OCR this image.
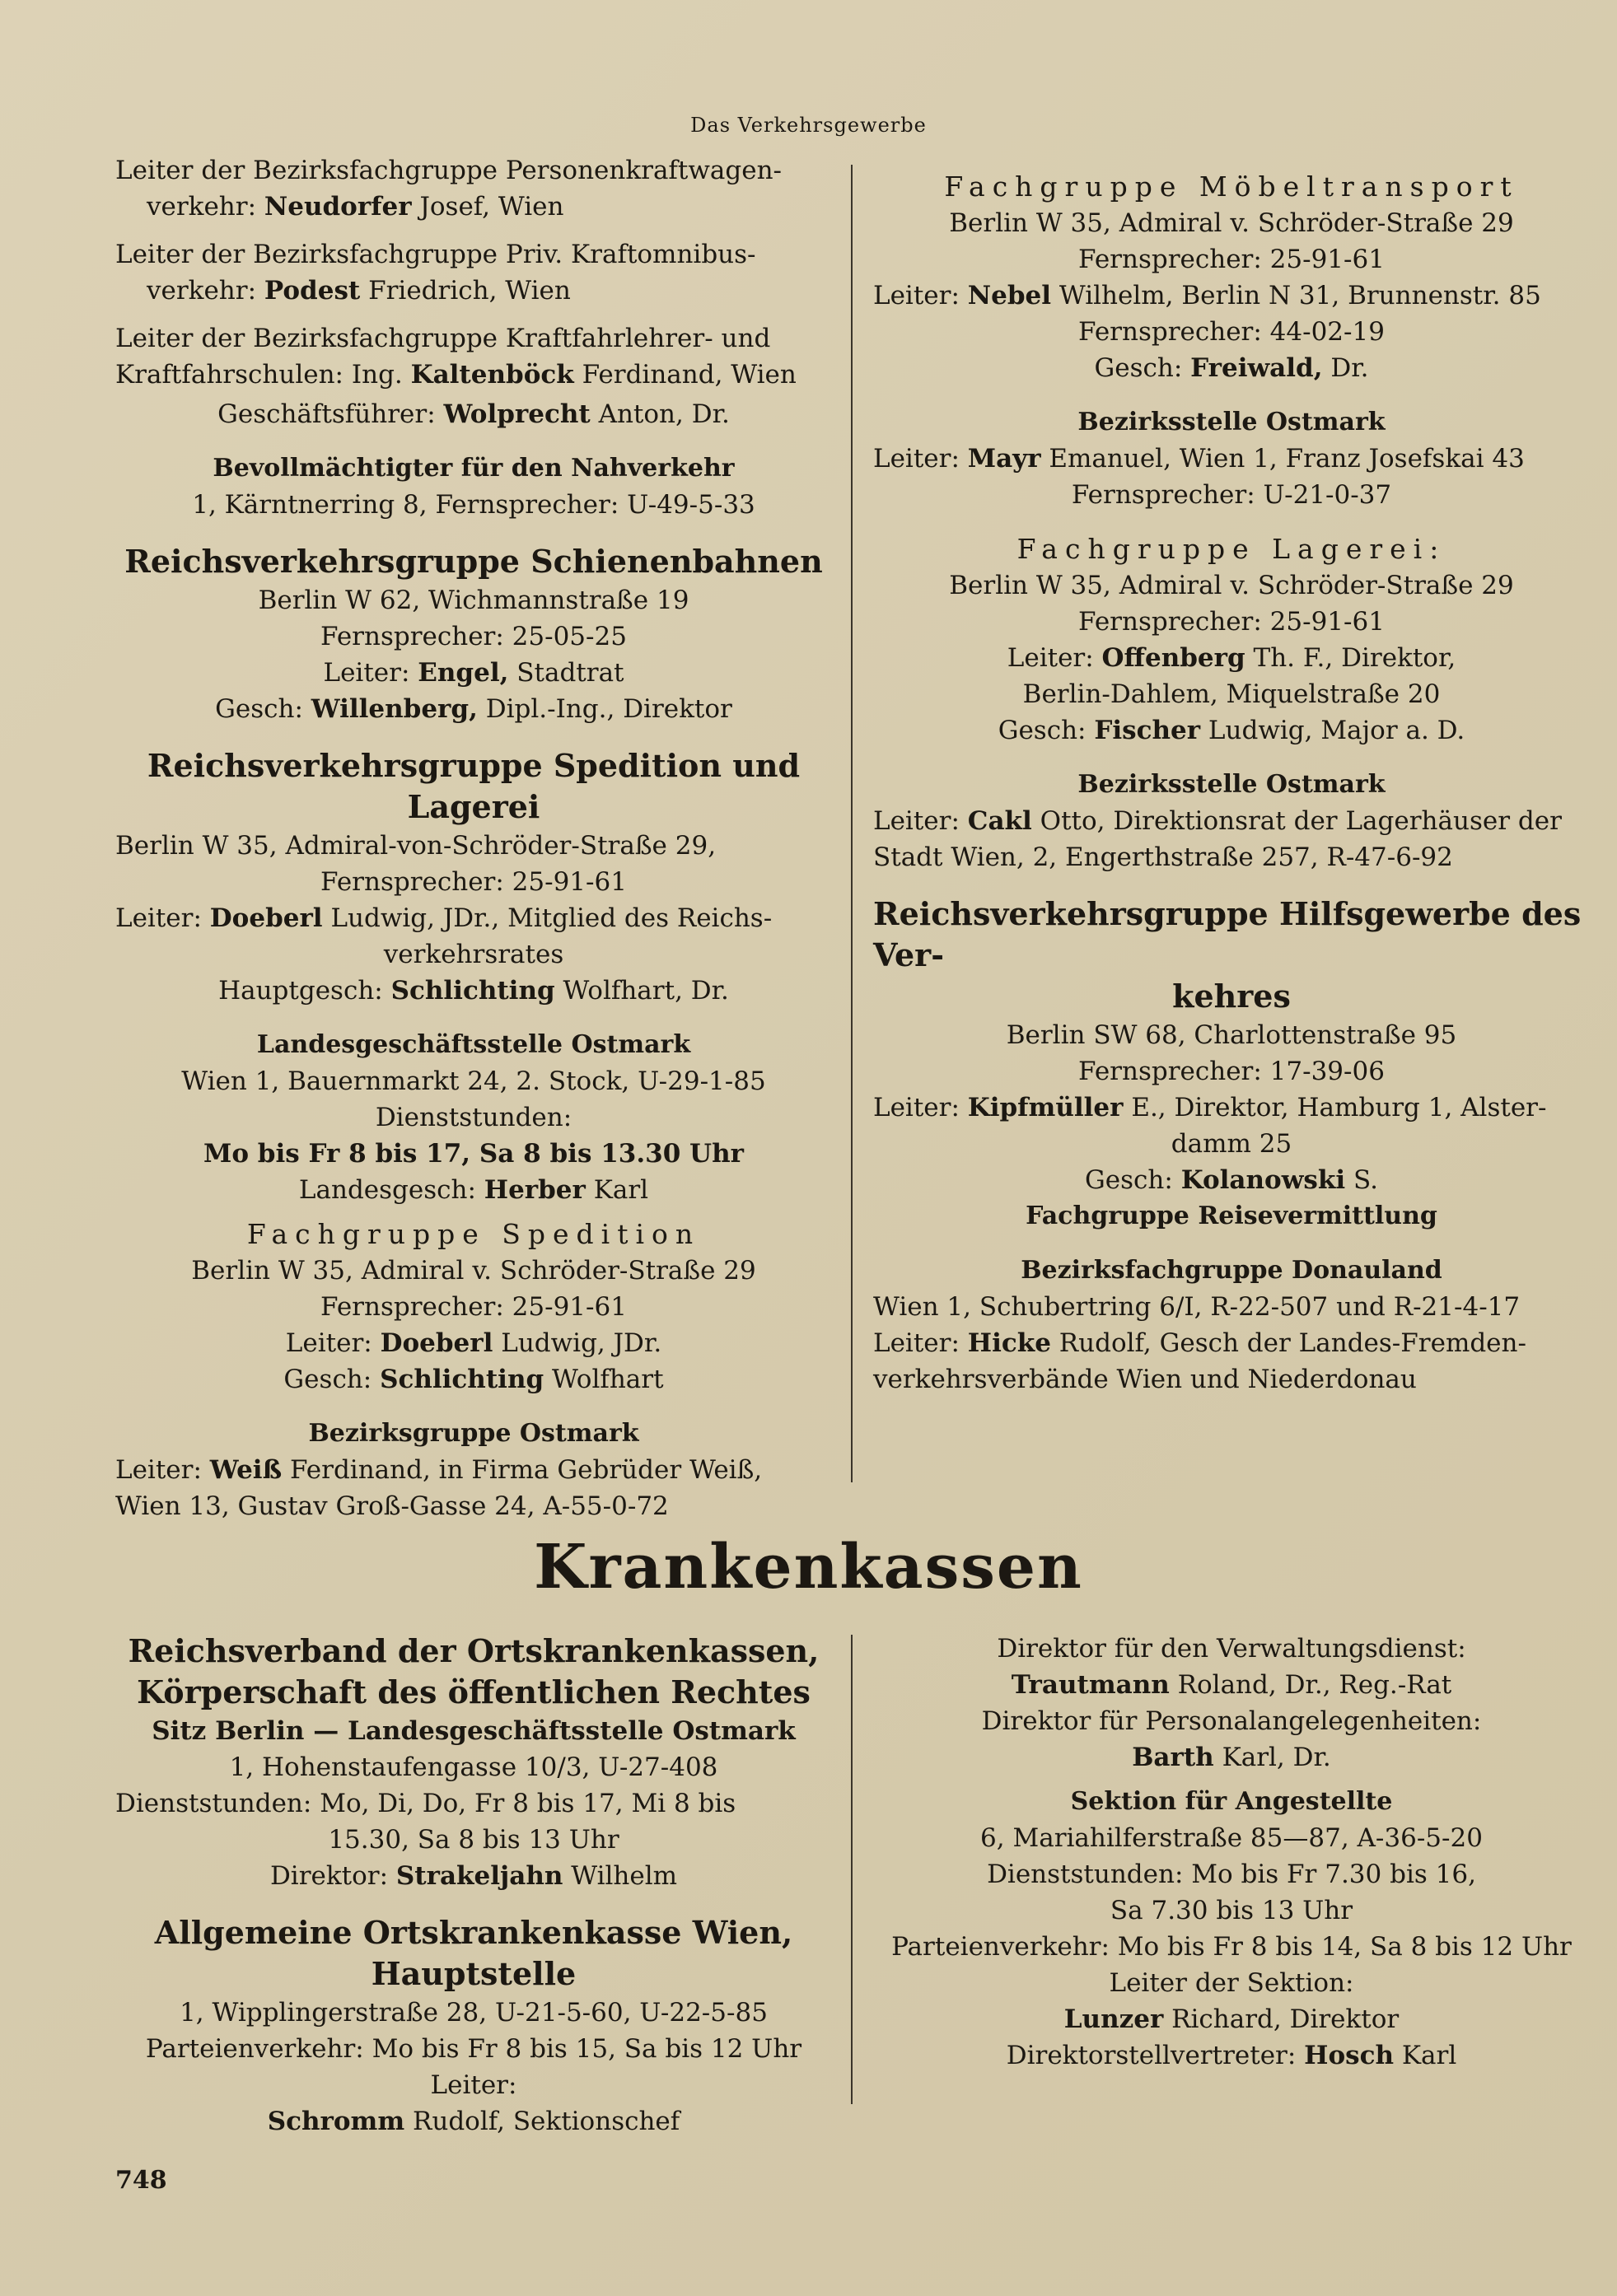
Das Verkehrsgewerbe
Leiter der Bezirksfachgruppe Personenkraftwagen-
verkehr: Neudorfer Josef, Wien
Leiter der Bezirksfachgruppe Priv. Kraftomnibus-
verkehr: Podest Friedrich, Wien
Leiter der Bezirksfachgruppe Kraftfahrlehrer- und
Kraftfahrschulen: Ing. Kaltenböck Ferdinand, Wien
Geschäftsführer: Wolprecht Anton, Dr.
Bevollmächtigter für den Nahverkehr
1, Kärntnerring 8, Fernsprecher: U-49-5-33
Reichsverkehrsgruppe Schienenbahnen
Berlin W 62, Wichmannstraße 19
Fernsprecher: 25-05-25
Leiter: Engel, Stadtrat
Gesch: Willenberg, Dipl.-Ing., Direktor
Reichsverkehrsgruppe Spedition und Lagerei
Berlin W 35, Admiral-von-Schröder-Straße 29,
Fernsprecher: 25-91-61
Leiter: Doeberl Ludwig, JDr., Mitglied des Reichs-
verkehrsrates
Hauptgesch: Schlichting Wolfhart, Dr.
Landesgeschäftsstelle Ostmark
Wien 1, Bauernmarkt 24, 2. Stock, U-29-1-85
Dienststunden:
Mo bis Fr 8 bis 17, Sa 8 bis 13.30 Uhr
Landesgesch: Herber Karl
Fachgruppe Spedition
Berlin W 35, Admiral v. Schröder-Straße 29
Fernsprecher: 25-91-61
Leiter: Doeberl Ludwig, JDr.
Gesch: Schlichting Wolfhart
Bezirksgruppe Ostmark
Leiter: Weiß Ferdinand, in Firma Gebrüder Weiß,
Wien 13, Gustav Groß-Gasse 24, A-55-0-72
Fachgruppe Möbeltransport
Berlin W 35, Admiral v. Schröder-Straße 29
Fernsprecher: 25-91-61
Leiter: Nebel Wilhelm, Berlin N 31, Brunnenstr. 85
Fernsprecher: 44-02-19
Gesch: Freiwald, Dr.
Bezirksstelle Ostmark
Leiter: Mayr Emanuel, Wien 1, Franz Josefskai 43
Fernsprecher: U-21-0-37
Fachgruppe Lagerei:
Berlin W 35, Admiral v. Schröder-Straße 29
Fernsprecher: 25-91-61
Leiter: Offenberg Th. F., Direktor,
Berlin-Dahlem, Miquelstraße 20
Gesch: Fischer Ludwig, Major a. D.
Bezirksstelle Ostmark
Leiter: Cakl Otto, Direktionsrat der Lagerhäuser der
Stadt Wien, 2, Engerthstraße 257, R-47-6-92
Reichsverkehrsgruppe Hilfsgewerbe des Ver-
kehres
Berlin SW 68, Charlottenstraße 95
Fernsprecher: 17-39-06
Leiter: Kipfmüller E., Direktor, Hamburg 1, Alster-
damm 25
Gesch: Kolanowski S.
Fachgruppe Reisevermittlung
Bezirksfachgruppe Donauland
Wien 1, Schubertring 6/I, R-22-507 und R-21-4-17
Leiter: Hicke Rudolf, Gesch der Landes-Fremden-
verkehrsverbände Wien und Niederdonau
Krankenkassen
Reichsverband der Ortskrankenkassen,
Körperschaft des öffentlichen Rechtes
Sitz Berlin — Landesgeschäftsstelle Ostmark
1, Hohenstaufengasse 10/3, U-27-408
Dienststunden: Mo, Di, Do, Fr 8 bis 17, Mi 8 bis
15.30, Sa 8 bis 13 Uhr
Direktor: Strakeljahn Wilhelm
Allgemeine Ortskrankenkasse Wien, Hauptstelle
1, Wipplingerstraße 28, U-21-5-60, U-22-5-85
Parteienverkehr: Mo bis Fr 8 bis 15, Sa bis 12 Uhr
Leiter:
Schromm Rudolf, Sektionschef
Direktor für den Verwaltungsdienst:
Trautmann Roland, Dr., Reg.-Rat
Direktor für Personalangelegenheiten:
Barth Karl, Dr.
Sektion für Angestellte
6, Mariahilferstraße 85—87, A-36-5-20
Dienststunden: Mo bis Fr 7.30 bis 16,
Sa 7.30 bis 13 Uhr
Parteienverkehr: Mo bis Fr 8 bis 14, Sa 8 bis 12 Uhr
Leiter der Sektion:
Lunzer Richard, Direktor
Direktorstellvertreter: Hosch Karl
748
